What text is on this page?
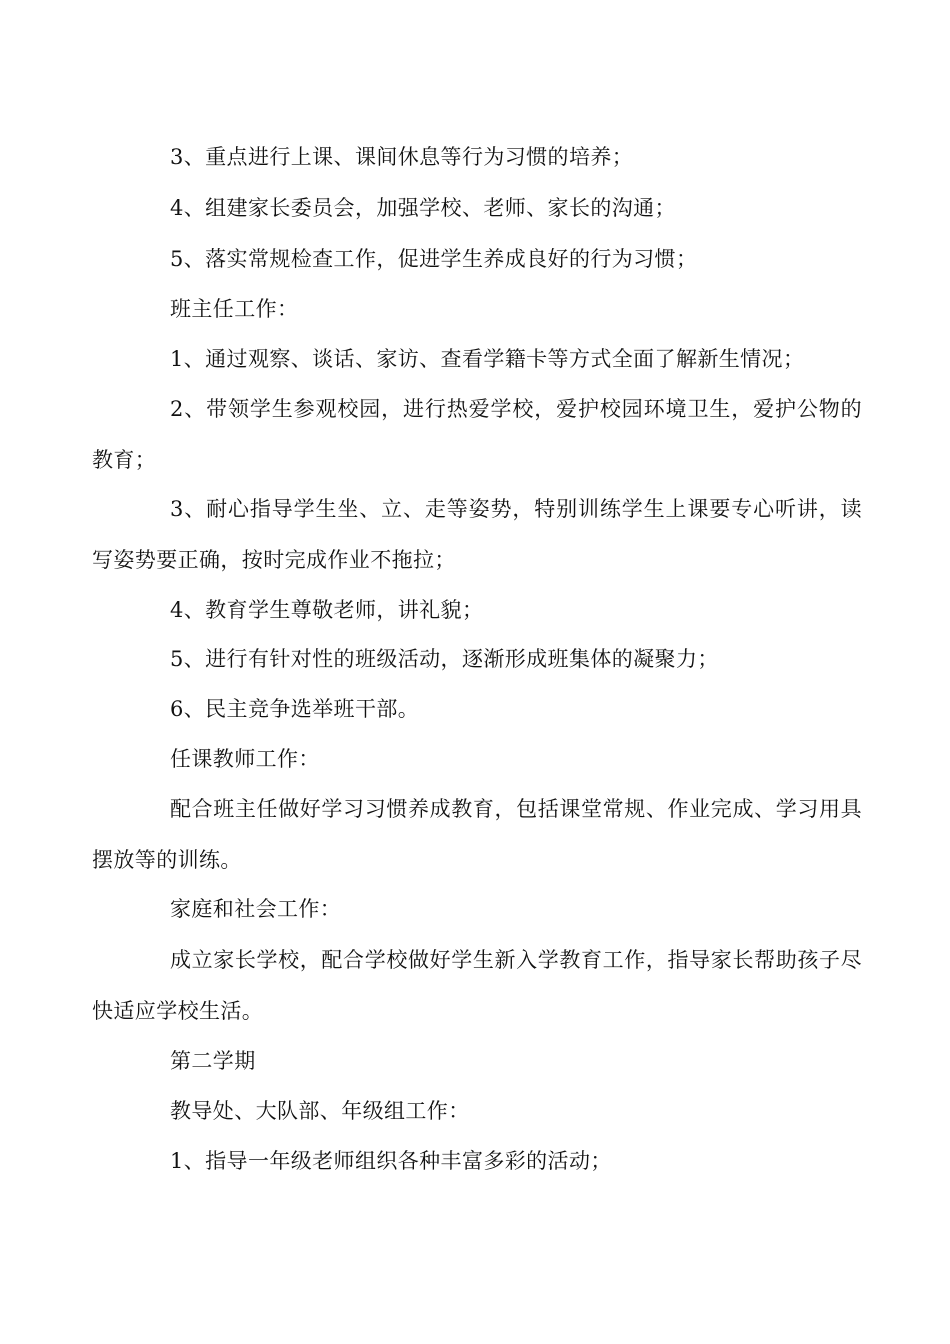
3、重点进行上课、课间休息等行为习惯的培养；

4、组建家长委员会，加强学校、老师、家长的沟通；

5、落实常规检查工作，促进学生养成良好的行为习惯；

班主任工作：

1、通过观察、谈话、家访、查看学籍卡等方式全面了解新生情况；

2、带领学生参观校园，进行热爱学校，爱护校园环境卫生，爱护公物的教育；

3、耐心指导学生坐、立、走等姿势，特别训练学生上课要专心听讲，读写姿势要正确，按时完成作业不拖拉；

4、教育学生尊敬老师，讲礼貌；

5、进行有针对性的班级活动，逐渐形成班集体的凝聚力；

6、民主竞争选举班干部。

任课教师工作：

配合班主任做好学习习惯养成教育，包括课堂常规、作业完成、学习用具摆放等的训练。

家庭和社会工作：

成立家长学校，配合学校做好学生新入学教育工作，指导家长帮助孩子尽快适应学校生活。

第二学期

教导处、大队部、年级组工作：

1、指导一年级老师组织各种丰富多彩的活动；
